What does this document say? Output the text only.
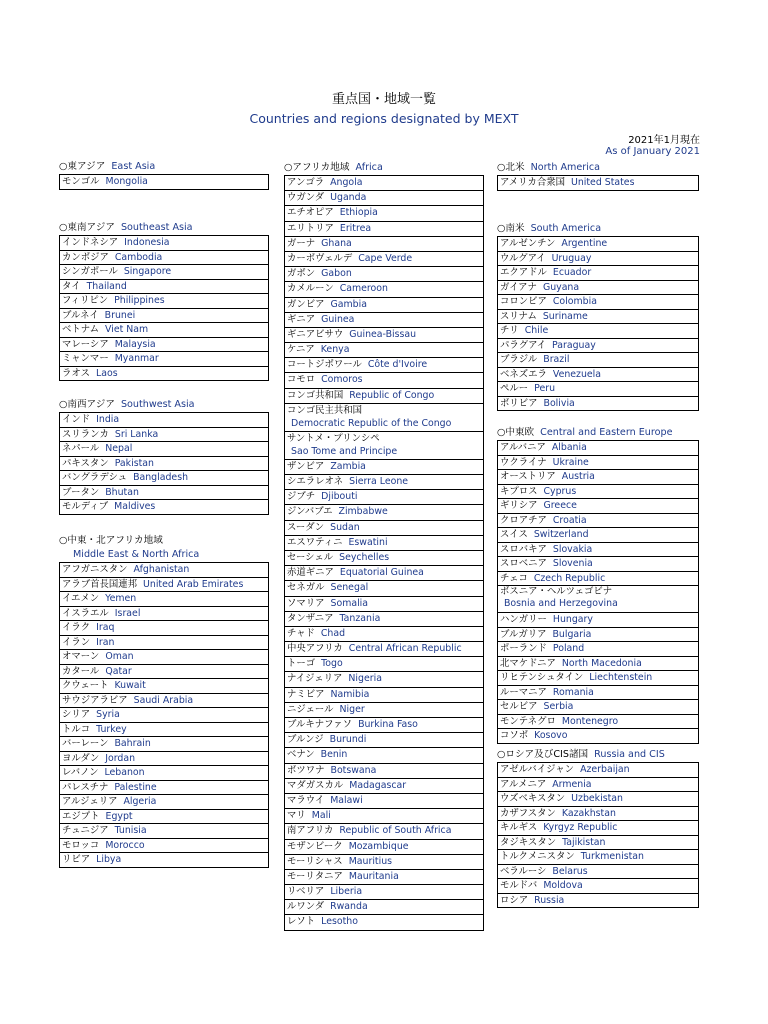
重点国・地域一覧
Countries and regions designated by MEXT
2021年1月現在
As of January 2021
○東アジア East Asia
モンゴル Mongolia
○東南アジア Southeast Asia
インドネシア Indonesia
カンボジア Cambodia
シンガポール Singapore
タイ Thailand
フィリピン Philippines
ブルネイ Brunei
ベトナム Viet Nam
マレーシア Malaysia
ミャンマー Myanmar
ラオス Laos
○南西アジア Southwest Asia
インド India
スリランカ Sri Lanka
ネパール Nepal
パキスタン Pakistan
バングラデシュ Bangladesh
ブータン Bhutan
モルディブ Maldives
○中東・北アフリカ地域
Middle East & North Africa
アフガニスタン Afghanistan
アラブ首長国連邦 United Arab Emirates
イエメン Yemen
イスラエル Israel
イラク Iraq
イラン Iran
オマーン Oman
カタール Qatar
クウェート Kuwait
サウジアラビア Saudi Arabia
シリア Syria
トルコ Turkey
バーレーン Bahrain
ヨルダン Jordan
レバノン Lebanon
パレスチナ Palestine
アルジェリア Algeria
エジプト Egypt
チュニジア Tunisia
モロッコ Morocco
リビア Libya
○アフリカ地域 Africa
アンゴラ Angola
ウガンダ Uganda
エチオピア Ethiopia
エリトリア Eritrea
ガーナ Ghana
カーボヴェルデ Cape Verde
ガボン Gabon
カメルーン Cameroon
ガンビア Gambia
ギニア Guinea
ギニアビサウ Guinea-Bissau
ケニア Kenya
コートジボワール Côte d'Ivoire
コモロ Comoros
コンゴ共和国 Republic of Congo
コンゴ民主共和国
Democratic Republic of the Congo
サントメ・プリンシペ
Sao Tome and Principe
ザンビア Zambia
シエラレオネ Sierra Leone
ジブチ Djibouti
ジンバブエ Zimbabwe
スーダン Sudan
エスワティニ Eswatini
セーシェル Seychelles
赤道ギニア Equatorial Guinea
セネガル Senegal
ソマリア Somalia
タンザニア Tanzania
チャド Chad
中央アフリカ Central African Republic
トーゴ Togo
ナイジェリア Nigeria
ナミビア Namibia
ニジェール Niger
ブルキナファソ Burkina Faso
ブルンジ Burundi
ベナン Benin
ボツワナ Botswana
マダガスカル Madagascar
マラウイ Malawi
マリ Mali
南アフリカ Republic of South Africa
モザンビーク Mozambique
モーリシャス Mauritius
モーリタニア Mauritania
リベリア Liberia
ルワンダ Rwanda
レソト Lesotho
○北米 North America
アメリカ合衆国 United States
○南米 South America
アルゼンチン Argentine
ウルグアイ Uruguay
エクアドル Ecuador
ガイアナ Guyana
コロンビア Colombia
スリナム Suriname
チリ Chile
パラグアイ Paraguay
ブラジル Brazil
ベネズエラ Venezuela
ペルー Peru
ボリビア Bolivia
○中東欧 Central and Eastern Europe
アルバニア Albania
ウクライナ Ukraine
オーストリア Austria
キプロス Cyprus
ギリシア Greece
クロアチア Croatia
スイス Switzerland
スロバキア Slovakia
スロベニア Slovenia
チェコ Czech Republic
ボスニア・ヘルツェゴビナ
Bosnia and Herzegovina
ハンガリー Hungary
ブルガリア Bulgaria
ポーランド Poland
北マケドニア North Macedonia
リヒテンシュタイン Liechtenstein
ルーマニア Romania
セルビア Serbia
モンテネグロ Montenegro
コソボ Kosovo
○ロシア及びCIS諸国 Russia and CIS
アゼルバイジャン Azerbaijan
アルメニア Armenia
ウズベキスタン Uzbekistan
カザフスタン Kazakhstan
キルギス Kyrgyz Republic
タジキスタン Tajikistan
トルクメニスタン Turkmenistan
ベラルーシ Belarus
モルドバ Moldova
ロシア Russia
